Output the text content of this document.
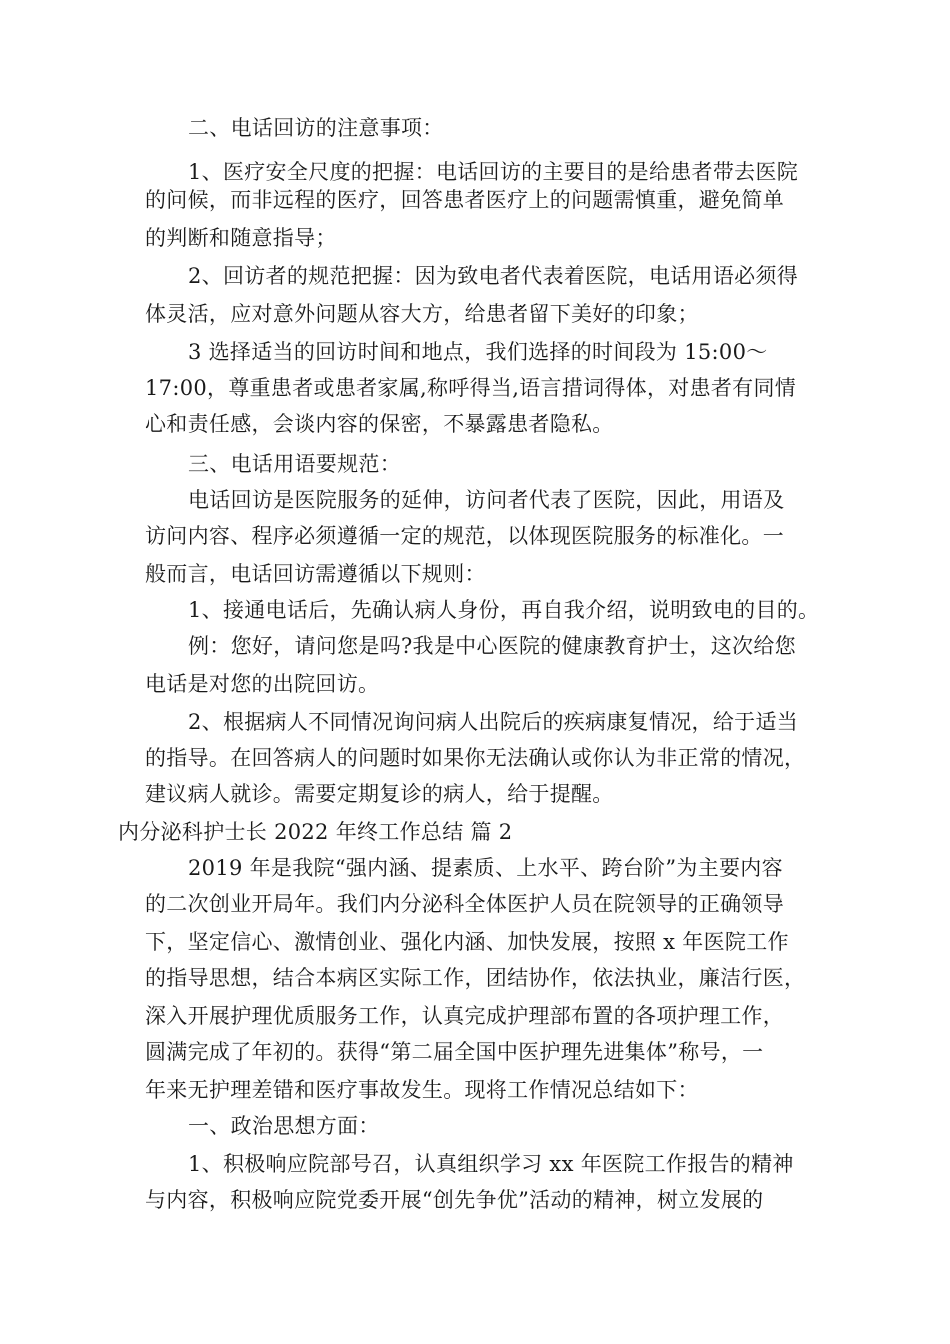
二、电话回访的注意事项：
1、医疗安全尺度的把握：电话回访的主要目的是给患者带去医院
的问候，而非远程的医疗，回答患者医疗上的问题需慎重，避免简单
的判断和随意指导；
2、回访者的规范把握：因为致电者代表着医院，电话用语必须得
体灵活，应对意外问题从容大方，给患者留下美好的印象；
3 选择适当的回访时间和地点，我们选择的时间段为 15:00～
17:00，尊重患者或患者家属,称呼得当,语言措词得体，对患者有同情
心和责任感，会谈内容的保密，不暴露患者隐私。
三、电话用语要规范：
电话回访是医院服务的延伸，访问者代表了医院，因此，用语及
访问内容、程序必须遵循一定的规范，以体现医院服务的标准化。一
般而言，电话回访需遵循以下规则：
1、接通电话后，先确认病人身份，再自我介绍，说明致电的目的。
例：您好，请问您是吗?我是中心医院的健康教育护士，这次给您
电话是对您的出院回访。
2、根据病人不同情况询问病人出院后的疾病康复情况，给于适当
的指导。在回答病人的问题时如果你无法确认或你认为非正常的情况，
建议病人就诊。需要定期复诊的病人，给于提醒。
内分泌科护士长 2022 年终工作总结 篇 2
2019 年是我院“强内涵、提素质、上水平、跨台阶”为主要内容
的二次创业开局年。我们内分泌科全体医护人员在院领导的正确领导
下，坚定信心、激情创业、强化内涵、加快发展，按照 x 年医院工作
的指导思想，结合本病区实际工作，团结协作，依法执业，廉洁行医，
深入开展护理优质服务工作，认真完成护理部布置的各项护理工作，
圆满完成了年初的。获得“第二届全国中医护理先进集体”称号，一
年来无护理差错和医疗事故发生。现将工作情况总结如下：
一、政治思想方面：
1、积极响应院部号召，认真组织学习 xx 年医院工作报告的精神
与内容，积极响应院党委开展“创先争优”活动的精神，树立发展的
